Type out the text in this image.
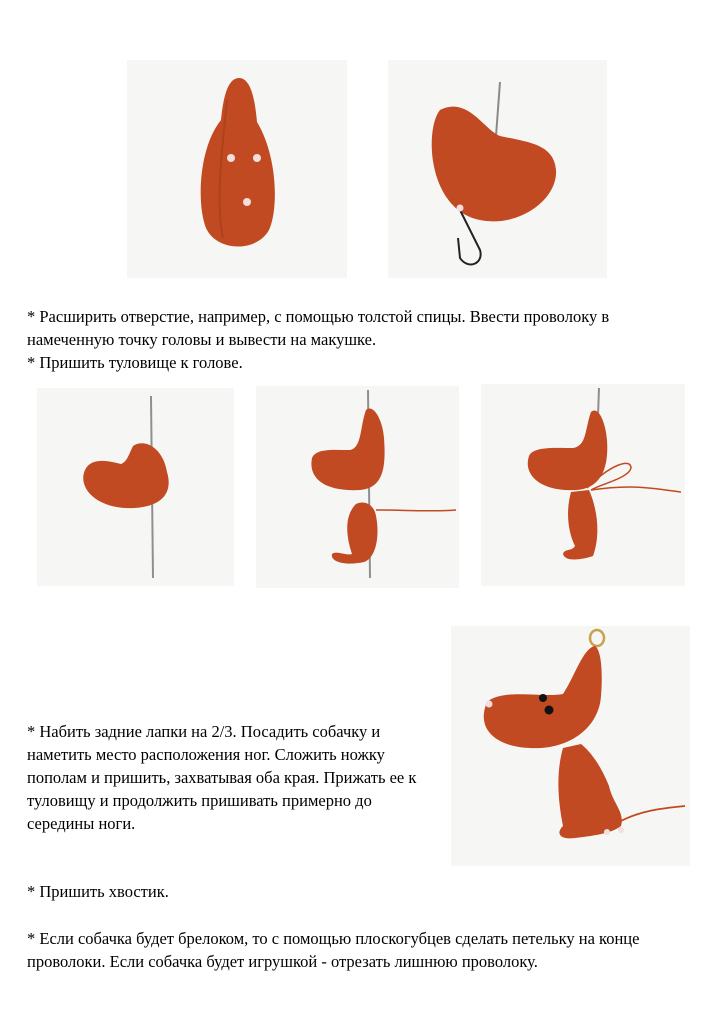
* Расширить отверстие, например, с помощью толстой спицы. Ввести проволоку в
намеченную точку головы и вывести на макушке.
* Пришить туловище к голове.
* Набить задние лапки на 2/3. Посадить собачку и
наметить место расположения ног. Сложить ножку
пополам и пришить, захватывая оба края. Прижать ее к
туловищу и продолжить пришивать примерно до
середины ноги.
* Пришить хвостик.
* Если собачка будет брелоком, то с помощью плоскогубцев сделать петельку на конце
проволоки. Если собачка будет игрушкой - отрезать лишнюю проволоку.
